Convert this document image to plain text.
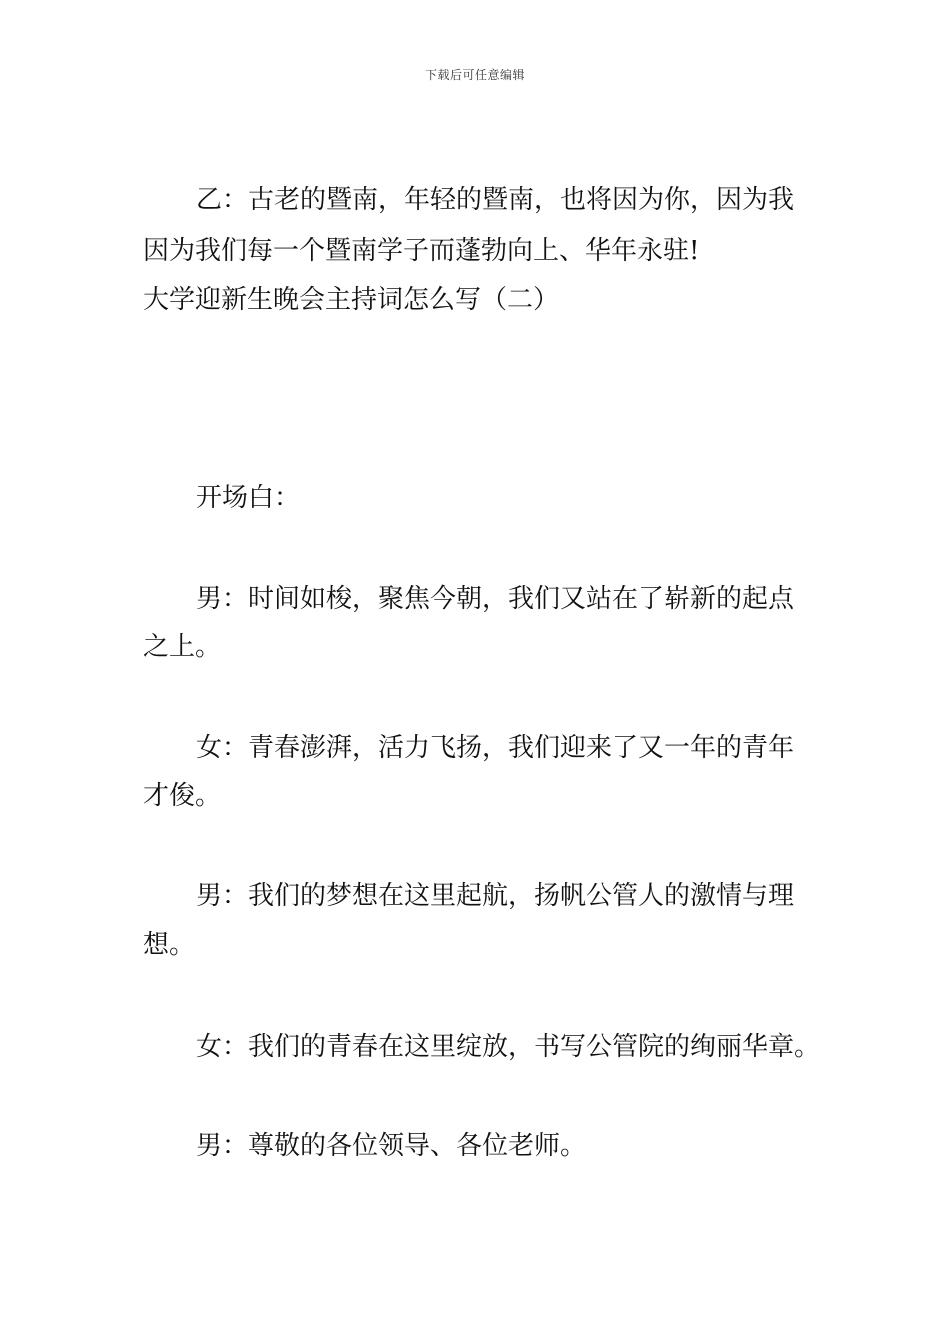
下载后可任意编辑
乙：古老的暨南，年轻的暨南，也将因为你，因为我
因为我们每一个暨南学子而蓬勃向上、华年永驻!
大学迎新生晚会主持词怎么写（二）
开场白：
男：时间如梭，聚焦今朝，我们又站在了崭新的起点
之上。
女：青春澎湃，活力飞扬，我们迎来了又一年的青年
才俊。
男：我们的梦想在这里起航，扬帆公管人的激情与理
想。
女：我们的青春在这里绽放，书写公管院的绚丽华章。
男：尊敬的各位领导、各位老师。
